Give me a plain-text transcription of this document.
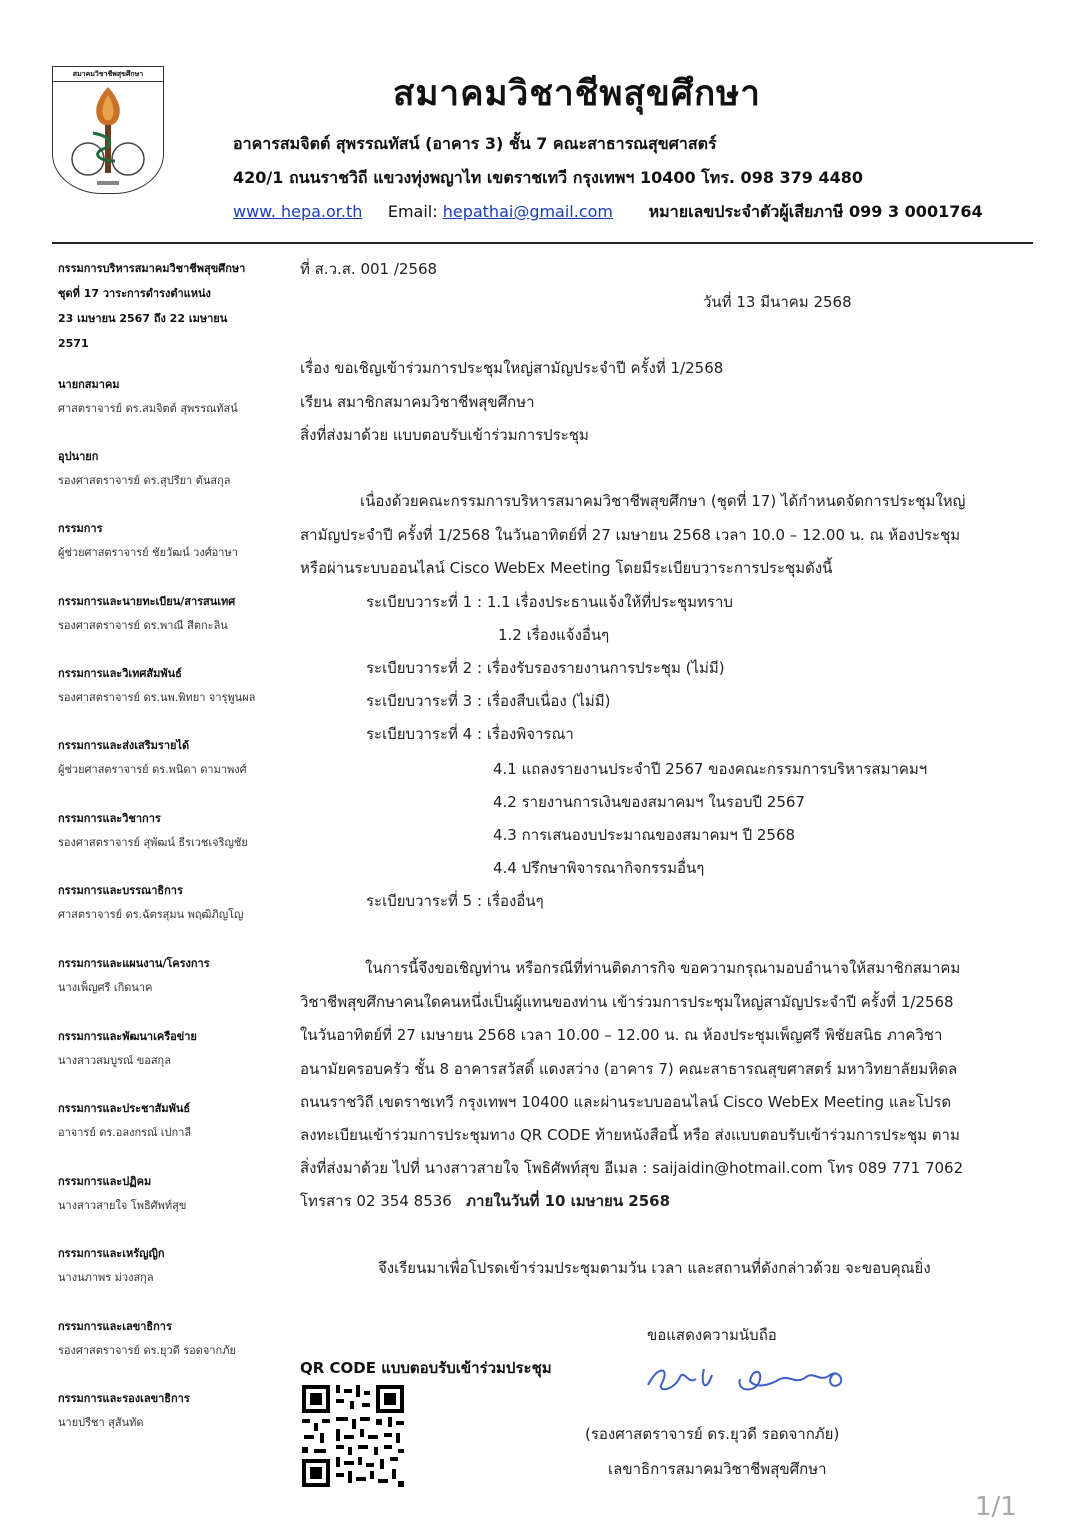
สมาคมวิชาชีพสุขศึกษา	สมาคมวิชาชีพสุขศึกษา
อาคารสมจิตต์ สุพรรณทัสน์ (อาคาร 3) ชั้น 7 คณะสาธารณสุขศาสตร์
420/1 ถนนราชวิถี แขวงทุ่งพญาไท เขตราชเทวี กรุงเทพฯ 10400 โทร. 098 379 4480
www. hepa.or.th Email: hepathai@gmail.com หมายเลขประจำตัวผู้เสียภาษี 099 3 0001764
กรรมการบริหารสมาคมวิชาชีพสุขศึกษา
ชุดที่ 17 วาระการดำรงตำแหน่ง
23 เมษายน 2567 ถึง 22 เมษายน
2571
นายกสมาคม
ศาสตราจารย์ ดร.สมจิตต์ สุพรรณทัสน์
อุปนายก
รองศาสตราจารย์ ดร.สุปรียา ตันสกุล
กรรมการ
ผู้ช่วยศาสตราจารย์ ชัยวัฒน์ วงศ์อาษา
กรรมการและนายทะเบียน/สารสนเทศ
รองศาสตราจารย์ ดร.พาณี สีตกะลิน
กรรมการและวิเทศสัมพันธ์
รองศาสตราจารย์ ดร.นพ.พิทยา จารุพูนผล
กรรมการและส่งเสริมรายได้
ผู้ช่วยศาสตราจารย์ ดร.พนิดา ดามาพงศ์
กรรมการและวิชาการ
รองศาสตราจารย์ สุพัฒน์ ธีรเวชเจริญชัย
กรรมการและบรรณาธิการ
ศาสตราจารย์ ดร.ฉัตรสุมน พฤฒิภิญโญ
กรรมการและแผนงาน/โครงการ
นางเพ็ญศรี เกิดนาค
กรรมการและพัฒนาเครือข่าย
นางสาวสมบูรณ์ ขอสกุล
กรรมการและประชาสัมพันธ์
อาจารย์ ดร.อลงกรณ์ เปกาลี
กรรมการและปฏิคม
นางสาวสายใจ โพธิศัพท์สุข
กรรมการและเหรัญญิก
นางนภาพร ม่วงสกุล
กรรมการและเลขาธิการ
รองศาสตราจารย์ ดร.ยุวดี รอดจากภัย
กรรมการและรองเลขาธิการ
นายปรีชา สุสันทัด
ที่ ส.ว.ส. 001 /2568
วันที่ 13 มีนาคม 2568
เรื่อง ขอเชิญเข้าร่วมการประชุมใหญ่สามัญประจำปี ครั้งที่ 1/2568
เรียน สมาชิกสมาคมวิชาชีพสุขศึกษา
สิ่งที่ส่งมาด้วย แบบตอบรับเข้าร่วมการประชุม
เนื่องด้วยคณะกรรมการบริหารสมาคมวิชาชีพสุขศึกษา (ชุดที่ 17) ได้กำหนดจัดการประชุมใหญ่
สามัญประจำปี ครั้งที่ 1/2568 ในวันอาทิตย์ที่ 27 เมษายน 2568 เวลา 10.0 – 12.00 น. ณ ห้องประชุม
หรือผ่านระบบออนไลน์ Cisco WebEx Meeting โดยมีระเบียบวาระการประชุมดังนี้
ระเบียบวาระที่ 1 : 1.1 เรื่องประธานแจ้งให้ที่ประชุมทราบ
1.2 เรื่องแจ้งอื่นๆ
ระเบียบวาระที่ 2 : เรื่องรับรองรายงานการประชุม (ไม่มี)
ระเบียบวาระที่ 3 : เรื่องสืบเนื่อง (ไม่มี)
ระเบียบวาระที่ 4 : เรื่องพิจารณา
4.1 แถลงรายงานประจำปี 2567 ของคณะกรรมการบริหารสมาคมฯ
4.2 รายงานการเงินของสมาคมฯ ในรอบปี 2567
4.3 การเสนองบประมาณของสมาคมฯ ปี 2568
4.4 ปรึกษาพิจารณากิจกรรมอื่นๆ
ระเบียบวาระที่ 5 : เรื่องอื่นๆ
ในการนี้จึงขอเชิญท่าน หรือกรณีที่ท่านติดภารกิจ ขอความกรุณามอบอำนาจให้สมาชิกสมาคม
วิชาชีพสุขศึกษาคนใดคนหนึ่งเป็นผู้แทนของท่าน เข้าร่วมการประชุมใหญ่สามัญประจำปี ครั้งที่ 1/2568
ในวันอาทิตย์ที่ 27 เมษายน 2568 เวลา 10.00 – 12.00 น. ณ ห้องประชุมเพ็ญศรี พิชัยสนิธ ภาควิชา
อนามัยครอบครัว ชั้น 8 อาคารสวัสดิ์ แดงสว่าง (อาคาร 7) คณะสาธารณสุขศาสตร์ มหาวิทยาลัยมหิดล
ถนนราชวิถี เขตราชเทวี กรุงเทพฯ 10400 และผ่านระบบออนไลน์ Cisco WebEx Meeting และโปรด
ลงทะเบียนเข้าร่วมการประชุมทาง QR CODE ท้ายหนังสือนี้ หรือ ส่งแบบตอบรับเข้าร่วมการประชุม ตาม
สิ่งที่ส่งมาด้วย ไปที่ นางสาวสายใจ โพธิศัพท์สุข อีเมล : saijaidin@hotmail.com โทร 089 771 7062
โทรสาร 02 354 8536 ภายในวันที่ 10 เมษายน 2568
จึงเรียนมาเพื่อโปรดเข้าร่วมประชุมตามวัน เวลา และสถานที่ดังกล่าวด้วย จะขอบคุณยิ่ง
ขอแสดงความนับถือ
(รองศาสตราจารย์ ดร.ยุวดี รอดจากภัย)
เลขาธิการสมาคมวิชาชีพสุขศึกษา
QR CODE แบบตอบรับเข้าร่วมประชุม
1/1
